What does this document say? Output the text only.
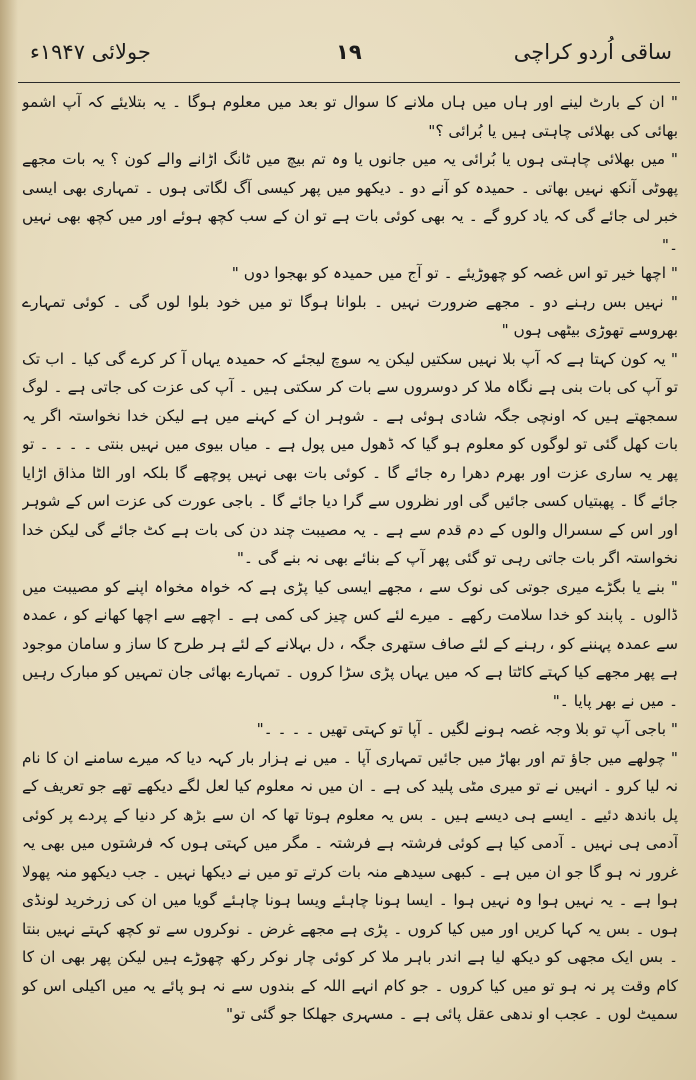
ساقی اُردو کراچی
۱۹
جولائی ۱۹۴۷ء

" ان کے بارٹ لینے اور ہاں میں ہاں ملانے کا سوال تو بعد میں معلوم ہوگا ۔ یہ بتلایئے کہ آپ اشمو بھائی کی بھلائی چاہتی ہیں یا بُرائی ؟"

" میں بھلائی چاہتی ہوں یا بُرائی یہ میں جانوں یا وہ تم بیچ میں ٹانگ اڑانے والے کون ؟ یہ بات مجھے پھوٹی آنکھ نہیں بھاتی ۔ حمیدہ کو آنے دو ۔ دیکھو میں پھر کیسی آگ لگاتی ہوں ۔ تمہاری بھی ایسی خبر لی جائے گی کہ یاد کرو گے ۔ یہ بھی کوئی بات ہے تو ان کے سب کچھ ہوئے اور میں کچھ بھی نہیں ۔"

" اچھا خیر تو اس غصہ کو چھوڑیئے ۔ تو آج میں حمیدہ کو بھجوا دوں "

" نہیں بس رہنے دو ۔ مجھے ضرورت نہیں ۔ بلوانا ہوگا تو میں خود بلوا لوں گی ۔ کوئی تمہارے بھروسے تھوڑی بیٹھی ہوں "

" یہ کون کہتا ہے کہ آپ بلا نہیں سکتیں لیکن یہ سوچ لیجئے کہ حمیدہ یہاں آ کر کرے گی کیا ۔ اب تک تو آپ کی بات بنی ہے نگاہ ملا کر دوسروں سے بات کر سکتی ہیں ۔ آپ کی عزت کی جاتی ہے ۔ لوگ سمجھتے ہیں کہ اونچی جگہ شادی ہوئی ہے ۔ شوہر ان کے کہنے میں ہے لیکن خدا نخواستہ اگر یہ بات کھل گئی تو لوگوں کو معلوم ہو گیا کہ ڈھول میں پول ہے ۔ میاں بیوی میں نہیں بنتی ۔ ۔ ۔ ۔ تو پھر یہ ساری عزت اور بھرم دھرا رہ جائے گا ۔ کوئی بات بھی نہیں پوچھے گا بلکہ اور الٹا مذاق اڑایا جائے گا ۔ پھبتیاں کسی جائیں گی اور نظروں سے گرا دیا جائے گا ۔ باجی عورت کی عزت اس کے شوہر اور اس کے سسرال والوں کے دم قدم سے ہے ۔ یہ مصیبت چند دن کی بات ہے کٹ جائے گی لیکن خدا نخواستہ اگر بات جاتی رہی تو گئی پھر آپ کے بنائے بھی نہ بنے گی ۔"

" بنے یا بگڑے میری جوتی کی نوک سے ، مجھے ایسی کیا پڑی ہے کہ خواہ مخواہ اپنے کو مصیبت میں ڈالوں ۔ پابند کو خدا سلامت رکھے ۔ میرے لئے کس چیز کی کمی ہے ۔ اچھے سے اچھا کھانے کو ، عمدہ سے عمدہ پہننے کو ، رہنے کے لئے صاف ستھری جگہ ، دل بہلانے کے لئے ہر طرح کا ساز و سامان موجود ہے پھر مجھے کیا کہتے کاٹتا ہے کہ میں یہاں پڑی سڑا کروں ۔ تمہارے بھائی جان تمہیں کو مبارک رہیں ۔ میں نے بھر پایا ۔"

" باجی آپ تو بلا وجہ غصہ ہونے لگیں ۔ آپا تو کہتی تھیں ۔ ۔ ۔ ۔"

" چولھے میں جاؤ تم اور بھاڑ میں جائیں تمہاری آپا ۔ میں نے ہزار بار کہہ دیا کہ میرے سامنے ان کا نام نہ لیا کرو ۔ انہیں نے تو میری مٹی پلید کی ہے ۔ ان میں نہ معلوم کیا لعل لگے دیکھے تھے جو تعریف کے پل باندھ دئیے ۔ ایسے ہی دیسے ہیں ۔ بس یہ معلوم ہوتا تھا کہ ان سے بڑھ کر دنیا کے پردے پر کوئی آدمی ہی نہیں ۔ آدمی کیا ہے کوئی فرشتہ ہے فرشتہ ۔ مگر میں کہتی ہوں کہ فرشتوں میں بھی یہ غرور نہ ہو گا جو ان میں ہے ۔ کبھی سیدھے منہ بات کرتے تو میں نے دیکھا نہیں ۔ جب دیکھو منہ پھولا ہوا ہے ۔ یہ نہیں ہوا وہ نہیں ہوا ۔ ایسا ہونا چاہئے ویسا ہونا چاہئے گویا میں ان کی زرخرید لونڈی ہوں ۔ بس یہ کہا کریں اور میں کیا کروں ۔ پڑی ہے مجھے غرض ۔ نوکروں سے تو کچھ کہتے نہیں بنتا ۔ بس ایک مجھی کو دیکھ لیا ہے اندر باہر ملا کر کوئی چار نوکر رکھ چھوڑے ہیں لیکن پھر بھی ان کا کام وقت پر نہ ہو تو میں کیا کروں ۔ جو کام انہے اللہ کے بندوں سے نہ ہو پائے یہ میں اکیلی اس کو سمیٹ لوں ۔ عجب او ندھی عقل پائی ہے ۔ مسہری جھلکا جو گئی تو"
